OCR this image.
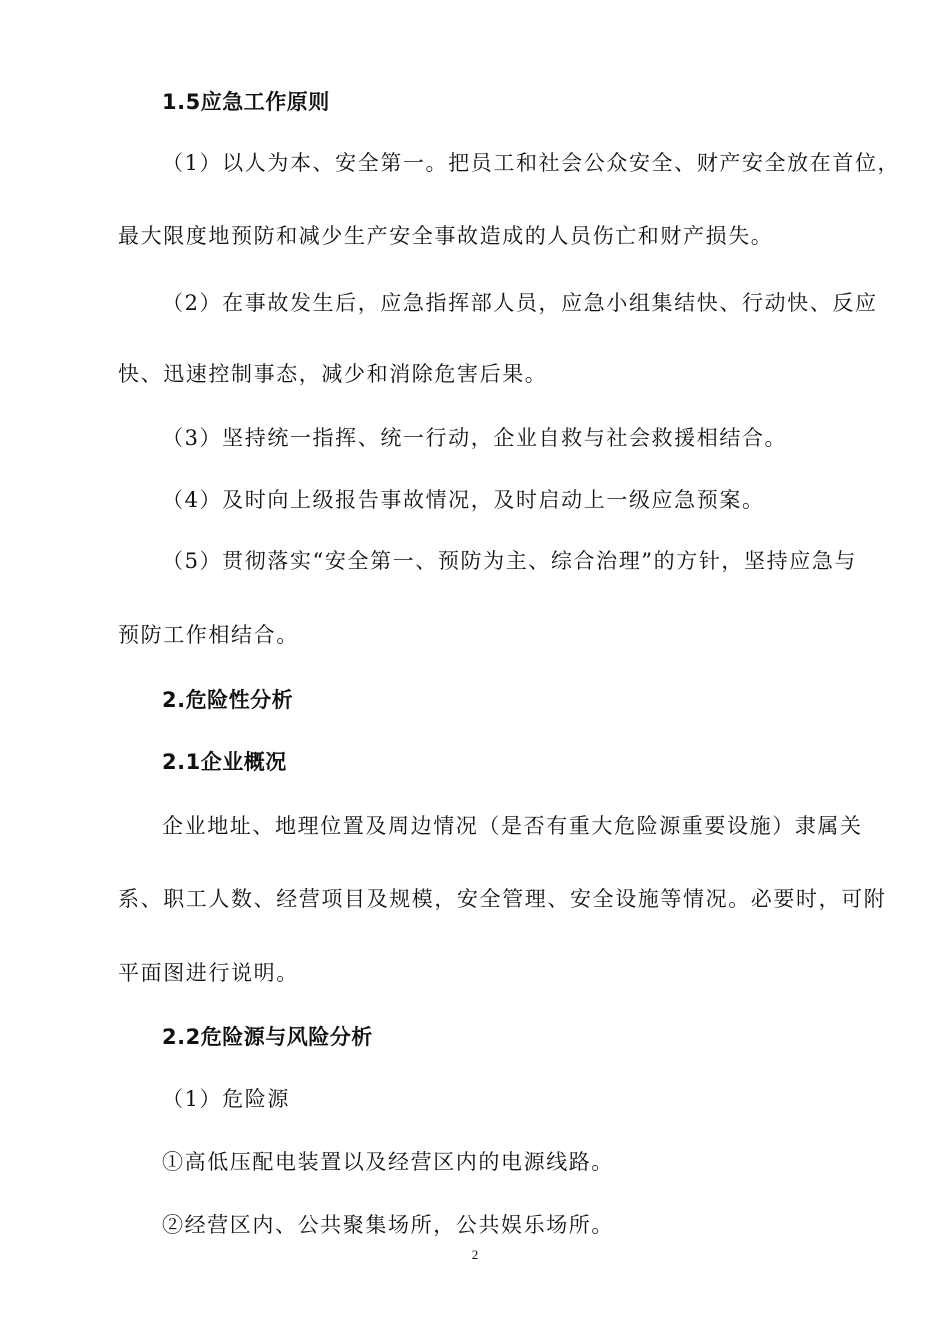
1.5应急工作原则
（1）以人为本、安全第一。把员工和社会公众安全、财产安全放在首位，
最大限度地预防和减少生产安全事故造成的人员伤亡和财产损失。
（2）在事故发生后，应急指挥部人员，应急小组集结快、行动快、反应
快、迅速控制事态，减少和消除危害后果。
（3）坚持统一指挥、统一行动，企业自救与社会救援相结合。
（4）及时向上级报告事故情况，及时启动上一级应急预案。
（5）贯彻落实“安全第一、预防为主、综合治理”的方针，坚持应急与
预防工作相结合。
2.危险性分析
2.1企业概况
企业地址、地理位置及周边情况（是否有重大危险源重要设施）隶属关
系、职工人数、经营项目及规模，安全管理、安全设施等情况。必要时，可附
平面图进行说明。
2.2危险源与风险分析
（1）危险源
①高低压配电装置以及经营区内的电源线路。
②经营区内、公共聚集场所，公共娱乐场所。
2
